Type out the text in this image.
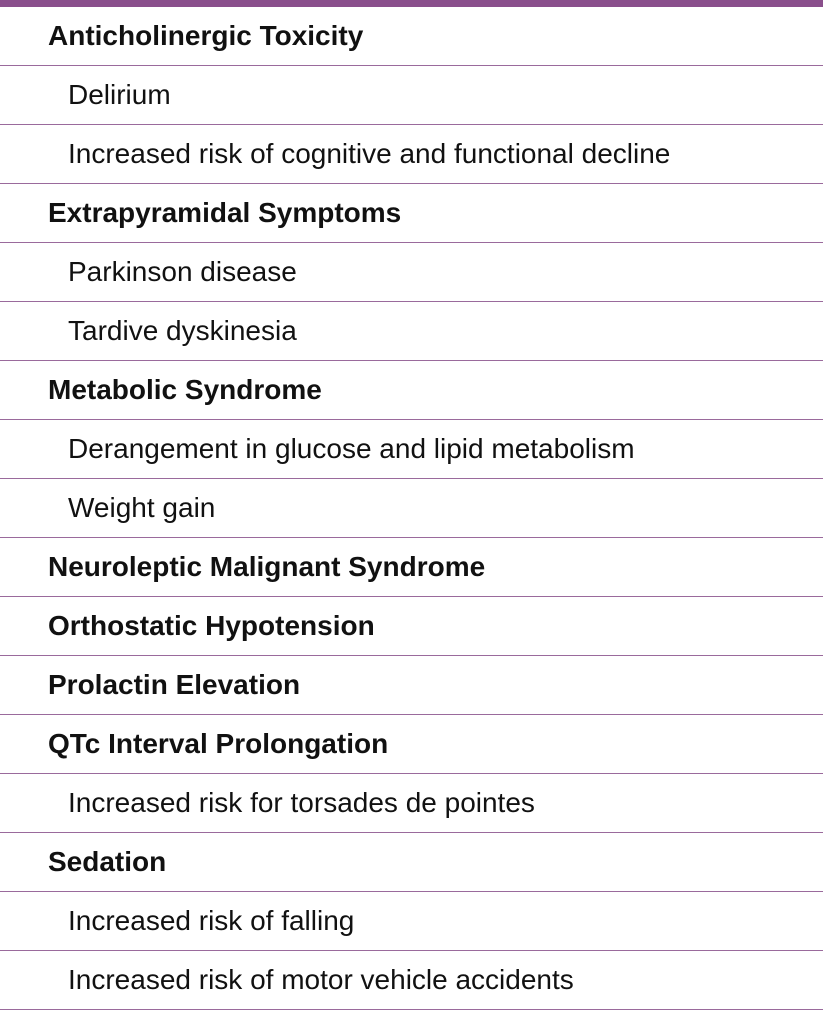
Anticholinergic Toxicity
Delirium
Increased risk of cognitive and functional decline
Extrapyramidal Symptoms
Parkinson disease
Tardive dyskinesia
Metabolic Syndrome
Derangement in glucose and lipid metabolism
Weight gain
Neuroleptic Malignant Syndrome
Orthostatic Hypotension
Prolactin Elevation
QTc Interval Prolongation
Increased risk for torsades de pointes
Sedation
Increased risk of falling
Increased risk of motor vehicle accidents
